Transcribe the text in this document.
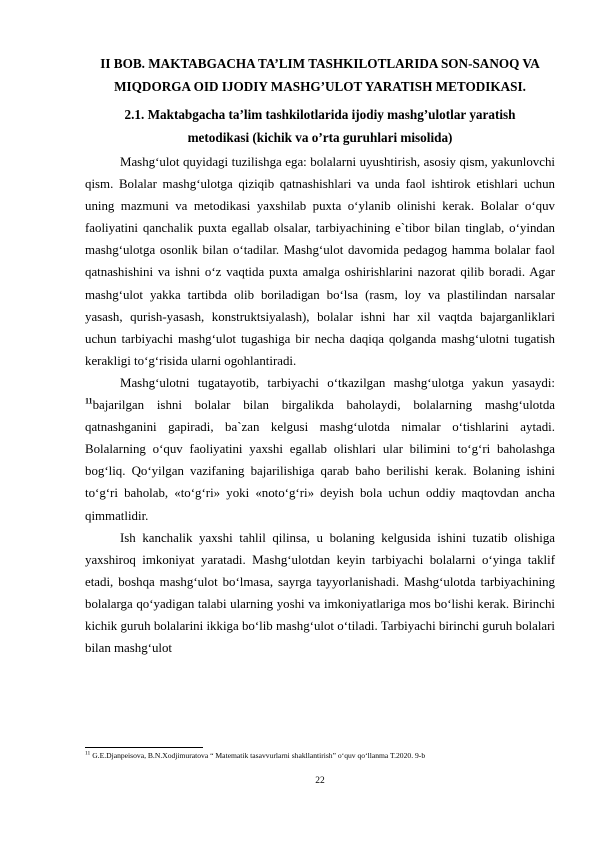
II BOB. MAKTABGACHA TA’LIM TASHKILOTLARIDA SON-SANOQ VA
MIQDORGA OID IJODIY MASHG’ULOT YARATISH METODIKASI.
2.1. Maktabgacha ta’lim tashkilotlarida ijodiy mashg’ulotlar yaratish
metodikasi (kichik va o’rta guruhlari misolida)

Mashg‘ulot quyidagi tuzilishga ega: bolalarni uyushtirish, asosiy qism, yakunlovchi qism. Bolalar mashg‘ulotga qiziqib qatnashishlari va unda faol ishtirok etishlari uchun uning mazmuni va metodikasi yaxshilab puxta o‘ylanib olinishi kerak. Bolalar o‘quv faoliyatini qanchalik puxta egallab olsalar, tarbiyachining e`tibor bilan tinglab, o‘yindan mashg‘ulotga osonlik bilan o‘tadilar. Mashg‘ulot davomida pedagog hamma bolalar faol qatnashishini va ishni o‘z vaqtida puxta amalga oshirishlarini nazorat qilib boradi. Agar mashg‘ulot yakka tartibda olib boriladigan bo‘lsa (rasm, loy va plastilindan narsalar yasash, qurish-yasash, konstruktsiyalash), bolalar ishni har xil vaqtda bajarganliklari uchun tarbiyachi mashg‘ulot tugashiga bir necha daqiqa qolganda mashg‘ulotni tugatish kerakligi to‘g‘risida ularni ogohlantiradi.

Mashg‘ulotni tugatayotib, tarbiyachi o‘tkazilgan mashg‘ulotga yakun yasaydi: $^{11}$bajarilgan ishni bolalar bilan birgalikda baholaydi, bolalarning mashg‘ulotda qatnashganini gapiradi, ba`zan kelgusi mashg‘ulotda nimalar o‘tishlarini aytadi. Bolalarning o‘quv faoliyatini yaxshi egallab olishlari ular bilimini to‘g‘ri baholashga bog‘liq. Qo‘yilgan vazifaning bajarilishiga qarab baho berilishi kerak. Bolaning ishini to‘g‘ri baholab, «to‘g‘ri» yoki «noto‘g‘ri» deyish bola uchun oddiy maqtovdan ancha qimmatlidir.

Ish kanchalik yaxshi tahlil qilinsa, u bolaning kelgusida ishini tuzatib olishiga yaxshiroq imkoniyat yaratadi. Mashg‘ulotdan keyin tarbiyachi bolalarni o‘yinga taklif etadi, boshqa mashg‘ulot bo‘lmasa, sayrga tayyorlanishadi. Mashg‘ulotda tarbiyachining bolalarga qo‘yadigan talabi ularning yoshi va imkoniyatlariga mos bo‘lishi kerak. Birinchi kichik guruh bolalarini ikkiga bo‘lib mashg‘ulot o‘tiladi. Tarbiyachi birinchi guruh bolalari bilan mashg‘ulot

$^{11}$ G.E.Djanpeisova, B.N.Xodjimuratova “ Matematik tasavvurlarni shakllantirish” o‘quv qo‘llanma T.2020. 9-b
22
